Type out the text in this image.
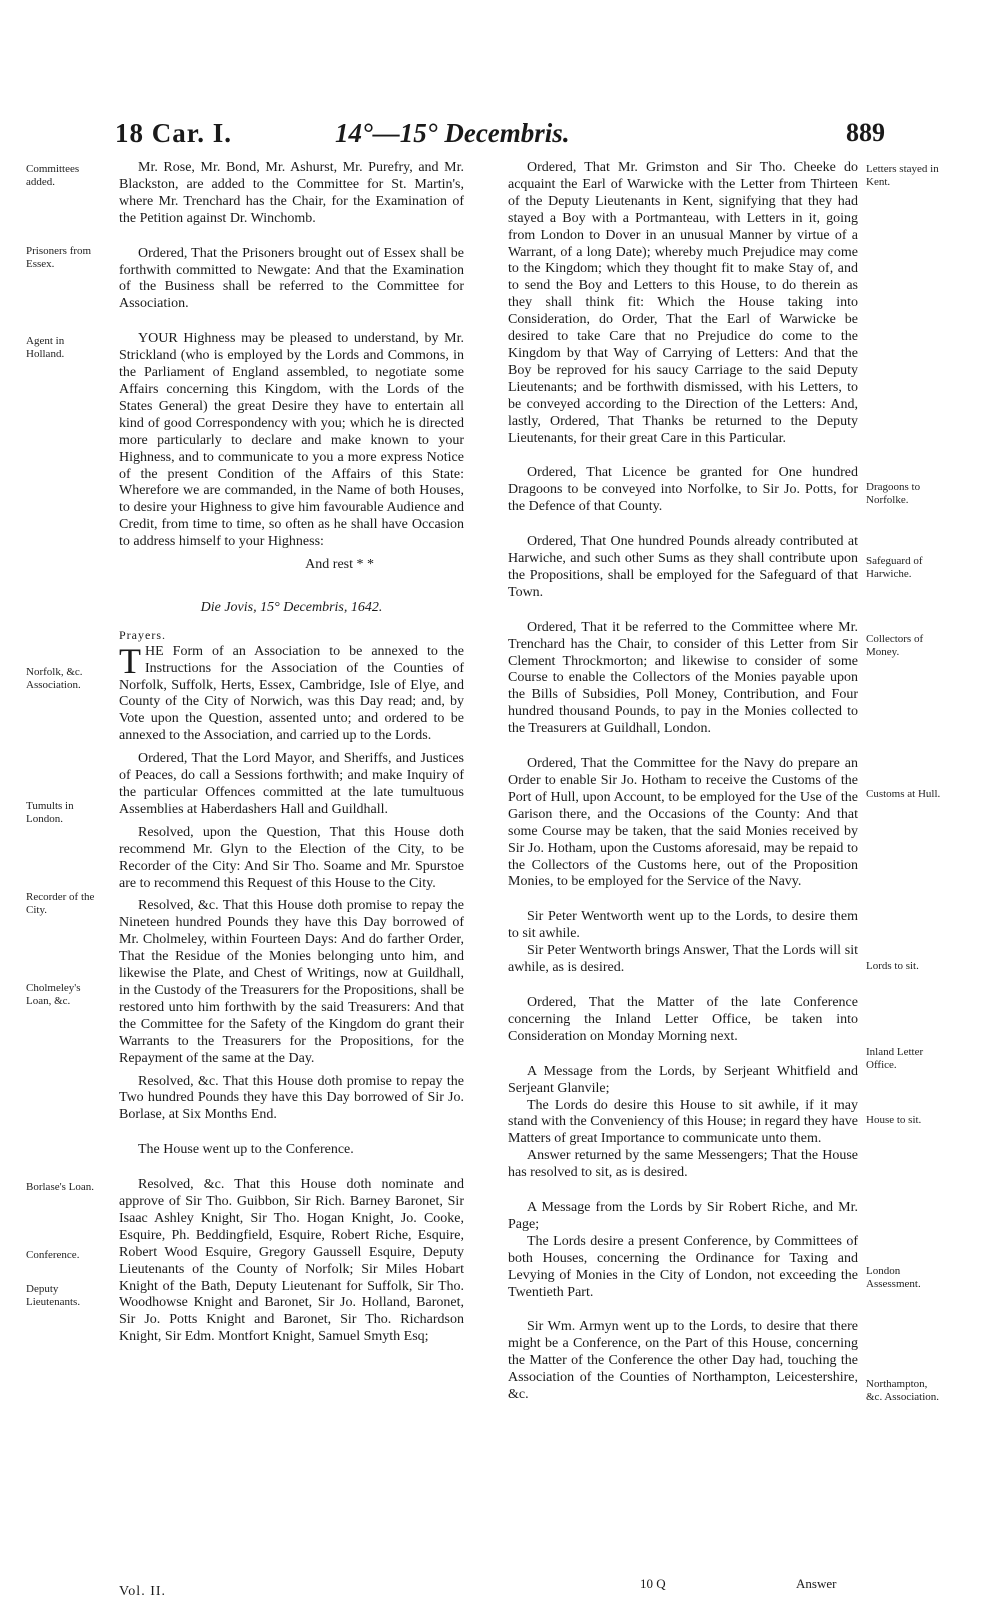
18 Car. I.	14°—15° Decembris.	889

Mr. Rose, Mr. Bond, Mr. Ashurst, Mr. Purefry, and Mr. Blackston, are added to the Committee for St. Martin's, where Mr. Trenchard has the Chair, for the Examination of the Petition against Dr. Winchomb.

Ordered, That the Prisoners brought out of Essex shall be forthwith committed to Newgate: And that the Examination of the Business shall be referred to the Committee for Association.

YOUR Highness may be pleased to understand, by Mr. Strickland (who is employed by the Lords and Commons, in the Parliament of England assembled, to negotiate some Affairs concerning this Kingdom, with the Lords of the States General) the great Desire they have to entertain all kind of good Correspondency with you; which he is directed more particularly to declare and make known to your Highness, and to communicate to you a more express Notice of the present Condition of the Affairs of this State: Wherefore we are commanded, in the Name of both Houses, to desire your Highness to give him favourable Audience and Credit, from time to time, so often as he shall have Occasion to address himself to your Highness:

And rest * *
Die Jovis, 15° Decembris, 1642.
Prayers.
T HE Form of an Association to be annexed to the Instructions for the Association of the Counties of Norfolk, Suffolk, Herts, Essex, Cambridge, Isle of Elye, and County of the City of Norwich, was this Day read; and, by Vote upon the Question, assented unto; and ordered to be annexed to the Association, and carried up to the Lords.

Ordered, That the Lord Mayor, and Sheriffs, and Justices of Peaces, do call a Sessions forthwith; and make Inquiry of the particular Offences committed at the late tumultuous Assemblies at Haberdashers Hall and Guildhall.

Resolved, upon the Question, That this House doth recommend Mr. Glyn to the Election of the City, to be Recorder of the City: And Sir Tho. Soame and Mr. Spurstoe are to recommend this Request of this House to the City.

Resolved, &c. That this House doth promise to repay the Nineteen hundred Pounds they have this Day borrowed of Mr. Cholmeley, within Fourteen Days: And do farther Order, That the Residue of the Monies belonging unto him, and likewise the Plate, and Chest of Writings, now at Guildhall, in the Custody of the Treasurers for the Propositions, shall be restored unto him forthwith by the said Treasurers: And that the Committee for the Safety of the Kingdom do grant their Warrants to the Treasurers for the Propositions, for the Repayment of the same at the Day.

Resolved, &c. That this House doth promise to repay the Two hundred Pounds they have this Day borrowed of Sir Jo. Borlase, at Six Months End.

The House went up to the Conference.

Resolved, &c. That this House doth nominate and approve of Sir Tho. Guibbon, Sir Rich. Barney Baronet, Sir Isaac Ashley Knight, Sir Tho. Hogan Knight, Jo. Cooke, Esquire, Ph. Beddingfield, Esquire, Robert Riche, Esquire, Robert Wood Esquire, Gregory Gaussell Esquire, Deputy Lieutenants of the County of Norfolk; Sir Miles Hobart Knight of the Bath, Deputy Lieutenant for Suffolk, Sir Tho. Woodhowse Knight and Baronet, Sir Jo. Holland, Baronet, Sir Jo. Potts Knight and Baronet, Sir Tho. Richardson Knight, Sir Edm. Montfort Knight, Samuel Smyth Esq;

Ordered, That Mr. Grimston and Sir Tho. Cheeke do acquaint the Earl of Warwicke with the Letter from Thirteen of the Deputy Lieutenants in Kent, signifying that they had stayed a Boy with a Portmanteau, with Letters in it, going from London to Dover in an unusual Manner by virtue of a Warrant, of a long Date); whereby much Prejudice may come to the Kingdom; which they thought fit to make Stay of, and to send the Boy and Letters to this House, to do therein as they shall think fit: Which the House taking into Consideration, do Order, That the Earl of Warwicke be desired to take Care that no Prejudice do come to the Kingdom by that Way of Carrying of Letters: And that the Boy be reproved for his saucy Carriage to the said Deputy Lieutenants; and be forthwith dismissed, with his Letters, to be conveyed according to the Direction of the Letters: And, lastly, Ordered, That Thanks be returned to the Deputy Lieutenants, for their great Care in this Particular.

Ordered, That Licence be granted for One hundred Dragoons to be conveyed into Norfolke, to Sir Jo. Potts, for the Defence of that County.

Ordered, That One hundred Pounds already contributed at Harwiche, and such other Sums as they shall contribute upon the Propositions, shall be employed for the Safeguard of that Town.

Ordered, That it be referred to the Committee where Mr. Trenchard has the Chair, to consider of this Letter from Sir Clement Throckmorton; and likewise to consider of some Course to enable the Collectors of the Monies payable upon the Bills of Subsidies, Poll Money, Contribution, and Four hundred thousand Pounds, to pay in the Monies collected to the Treasurers at Guildhall, London.

Ordered, That the Committee for the Navy do prepare an Order to enable Sir Jo. Hotham to receive the Customs of the Port of Hull, upon Account, to be employed for the Use of the Garison there, and the Occasions of the County: And that some Course may be taken, that the said Monies received by Sir Jo. Hotham, upon the Customs aforesaid, may be repaid to the Collectors of the Customs here, out of the Proposition Monies, to be employed for the Service of the Navy.

Sir Peter Wentworth went up to the Lords, to desire them to sit awhile.

Sir Peter Wentworth brings Answer, That the Lords will sit awhile, as is desired.

Ordered, That the Matter of the late Conference concerning the Inland Letter Office, be taken into Consideration on Monday Morning next.

A Message from the Lords, by Serjeant Whitfield and Serjeant Glanvile;

The Lords do desire this House to sit awhile, if it may stand with the Conveniency of this House; in regard they have Matters of great Importance to communicate unto them.

Answer returned by the same Messengers; That the House has resolved to sit, as is desired.

A Message from the Lords by Sir Robert Riche, and Mr. Page;

The Lords desire a present Conference, by Committees of both Houses, concerning the Ordinance for Taxing and Levying of Monies in the City of London, not exceeding the Twentieth Part.

Sir Wm. Armyn went up to the Lords, to desire that there might be a Conference, on the Part of this House, concerning the Matter of the Conference the other Day had, touching the Association of the Counties of Northampton, Leicestershire, &c.

Committees added.
Prisoners from Essex.
Agent in Holland.
Norfolk, &c. Association.
Tumults in London.
Recorder of the City.
Cholmeley's Loan, &c.
Borlase's Loan.
Conference.
Deputy Lieutenants.
Letters stayed in Kent.
Dragoons to Norfolke.
Safeguard of Harwiche.
Collectors of Money.
Customs at Hull.
Lords to sit.
Inland Letter Office.
House to sit.
London Assessment.
Northampton, &c. Association.
Vol. II.
10 Q	Answer
